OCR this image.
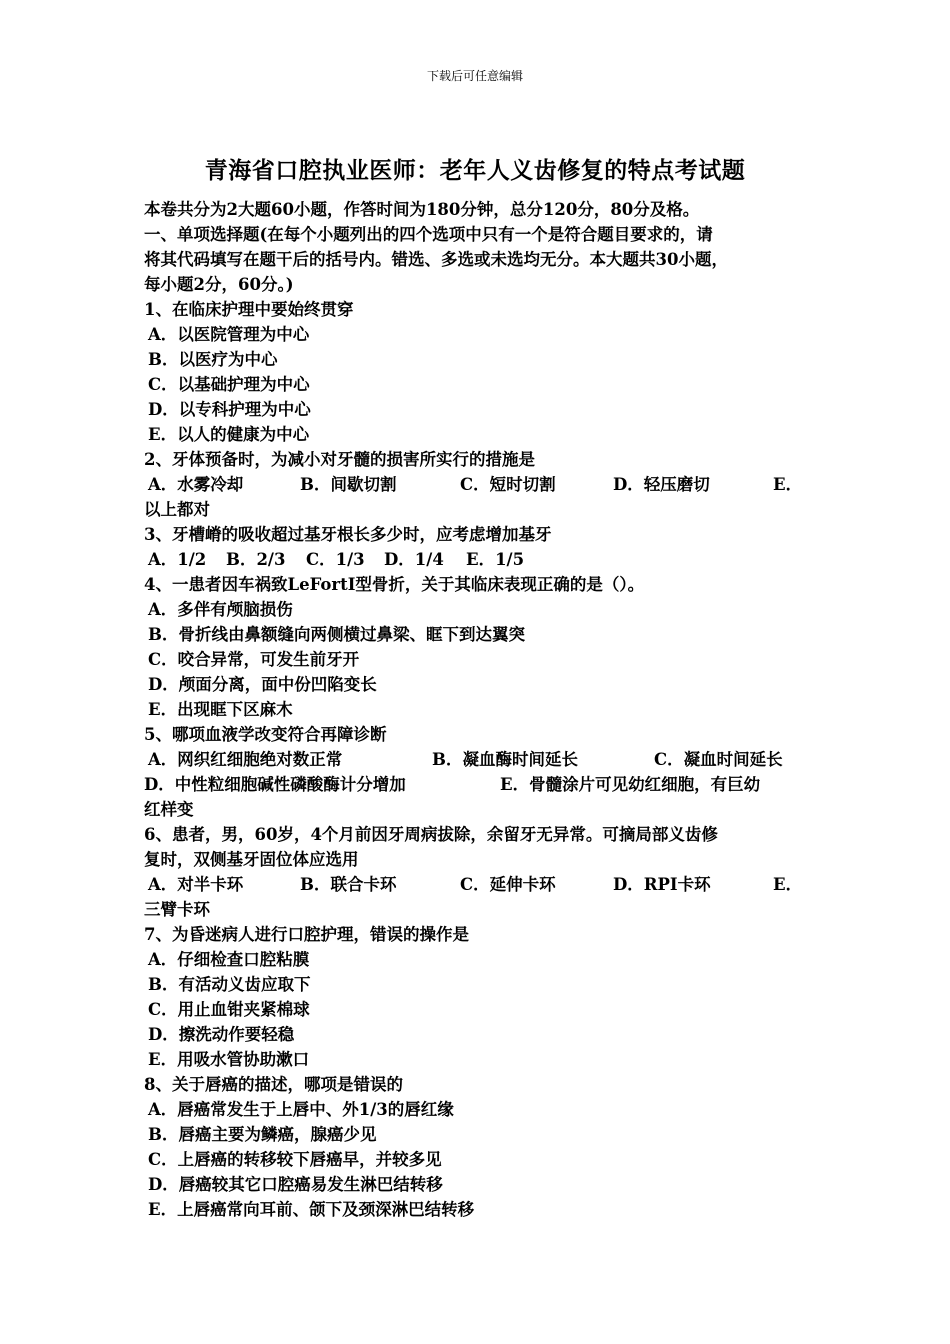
下载后可任意编辑
青海省口腔执业医师：老年人义齿修复的特点考试题
本卷共分为2大题60小题，作答时间为180分钟，总分120分，80分及格。
一、单项选择题(在每个小题列出的四个选项中只有一个是符合题目要求的，请
将其代码填写在题干后的括号内。错选、多选或未选均无分。本大题共30小题，
每小题2分，60分。)
1、在临床护理中要始终贯穿
A．以医院管理为中心
B．以医疗为中心
C．以基础护理为中心
D．以专科护理为中心
E．以人的健康为中心
2、牙体预备时，为减小对牙髓的损害所实行的措施是
A．水雾冷却	B．间歇切割	C．短时切割	D．轻压磨切	E．
以上都对
3、牙槽嵴的吸收超过基牙根长多少时，应考虑增加基牙
A．1/2	B．2/3	C．1/3	D．1/4	E．1/5
4、一患者因车祸致LeFortI型骨折，关于其临床表现正确的是（）。
A．多伴有颅脑损伤
B．骨折线由鼻额缝向两侧横过鼻梁、眶下到达翼突
C．咬合异常，可发生前牙开
D．颅面分离，面中份凹陷变长
E．出现眶下区麻木
5、哪项血液学改变符合再障诊断
A．网织红细胞绝对数正常	B．凝血酶时间延长	C．凝血时间延长
D．中性粒细胞碱性磷酸酶计分增加	E．骨髓涂片可见幼红细胞，有巨幼
红样变
6、患者，男，60岁，4个月前因牙周病拔除，余留牙无异常。可摘局部义齿修
复时，双侧基牙固位体应选用
A．对半卡环	B．联合卡环	C．延伸卡环	D．RPI卡环	E．
三臂卡环
7、为昏迷病人进行口腔护理，错误的操作是
A．仔细检查口腔粘膜
B．有活动义齿应取下
C．用止血钳夹紧棉球
D．擦洗动作要轻稳
E．用吸水管协助漱口
8、关于唇癌的描述，哪项是错误的
A．唇癌常发生于上唇中、外1/3的唇红缘
B．唇癌主要为鳞癌，腺癌少见
C．上唇癌的转移较下唇癌早，并较多见
D．唇癌较其它口腔癌易发生淋巴结转移
E．上唇癌常向耳前、颌下及颈深淋巴结转移
